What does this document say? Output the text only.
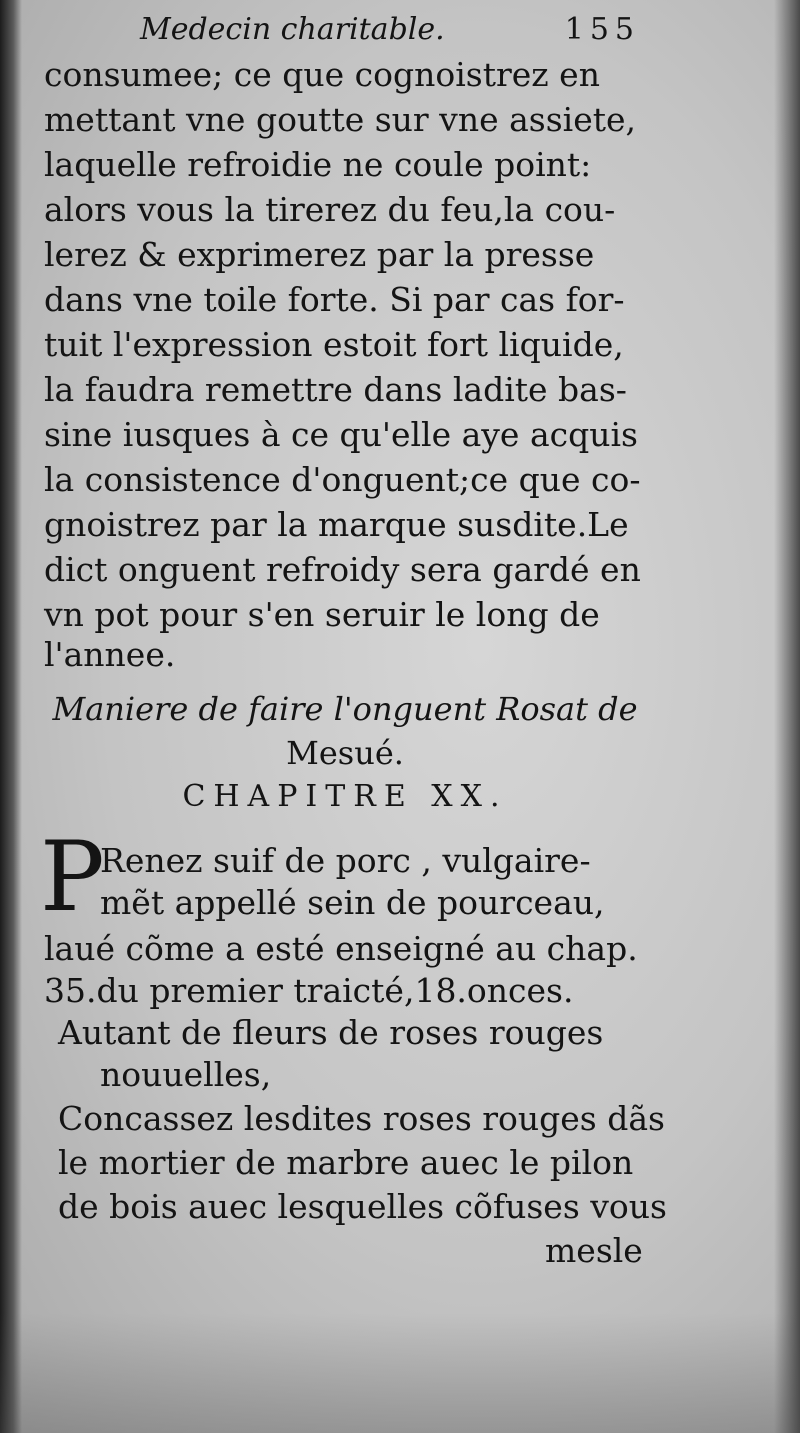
Medecin charitable.	155
consumee; ce que cognoistrez en
mettant vne goutte sur vne assiete,
laquelle refroidie ne coule point:
alors vous la tirerez du feu,la cou-
lerez & exprimerez par la presse
dans vne toile forte. Si par cas for-
tuit l'expression estoit fort liquide,
la faudra remettre dans ladite bas-
sine iusques à ce qu'elle aye acquis
la consistence d'onguent;ce que co-
gnoistrez par la marque susdite.Le
dict onguent refroidy sera gardé en
vn pot pour s'en seruir le long de
l'annee.
Maniere de faire l'onguent Rosat de
Mesué.
CHAPITRE XX.
P
Renez suif de porc , vulgaire-
mẽt appellé sein de pourceau,
laué cõme a esté enseigné au chap.
35.du premier traicté,18.onces.
Autant de fleurs de roses rouges
nouuelles,
Concassez lesdites roses rouges dãs
le mortier de marbre auec le pilon
de bois auec lesquelles cõfuses vous
mesle
